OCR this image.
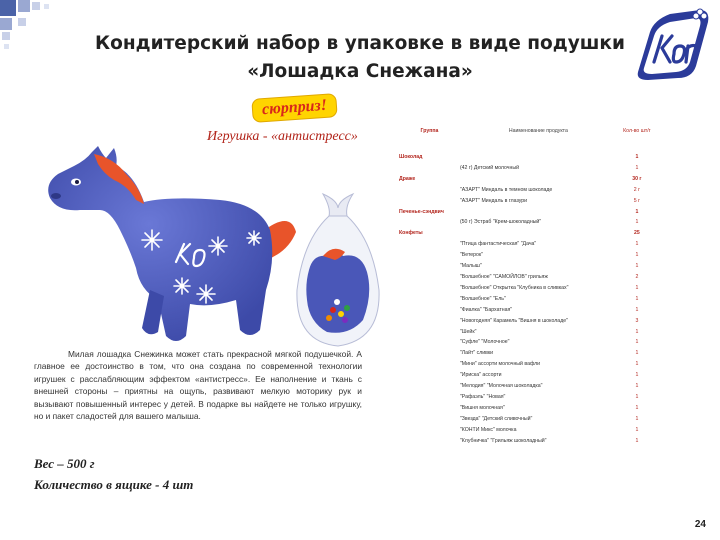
Кондитерский набор в упаковке в виде подушки
«Лошадка Снежана»
сюрприз!
Игрушка - «антистресс»

Милая лошадка Снежинка может стать прекрасной мягкой подушечкой. А главное ее достоинство в том, что она создана по современной технологии игрушек с расслабляющим эффектом «антистресс». Ее наполнение и ткань с внешней стороны – приятны на ощупь, развивают мелкую моторику рук и вызывают повышенный интерес у детей. В подарке вы найдете не только игрушку, но и пакет сладостей для вашего малыша.

Вес – 500 г
Количество в ящике - 4 шт
Группа	Наименование продукта	Кол-во шт/г
Шоколад		1
	(42 г) Детский молочный	1
Драже		30 г
	"АЗАРТ" Миндаль в темном шоколаде	2 г
	"АЗАРТ" Миндаль в глазури	5 г
Печенье-сэндвич		1
	(50 г) Эстраб "Крем-шоколадный"	1
Конфеты		25
	"Птица фантастическая" "Дача"	1
	"Ветерок"	1
	"Малыш"	1
	"Волшебное" "САМОЙЛОВ" грильяж	2
	"Волшебное" Открытка "Клубника в сливках"	1
	"Волшебное" "Ель"	1
	"Фиалка" "Бархатная"	1
	"Новогодняя" Карамель "Вишня в шоколаде"	3
	"Шейк"	1
	"Суфле" "Молочное"	1
	"Лайт" сливки	1
	"Мини" ассорти молочный вафли	1
	"Ириска" ассорти	1
	"Мелодия" "Молочная шоколадка"	1
	"Рафаэль" "Новая"	1
	"Вишня молочная"	1
	"Звезда" "Детский сливочный"	1
	"КОНТИ Микс" молочка	1
	"Клубничка" "Грильяж шоколадный"	1
24
